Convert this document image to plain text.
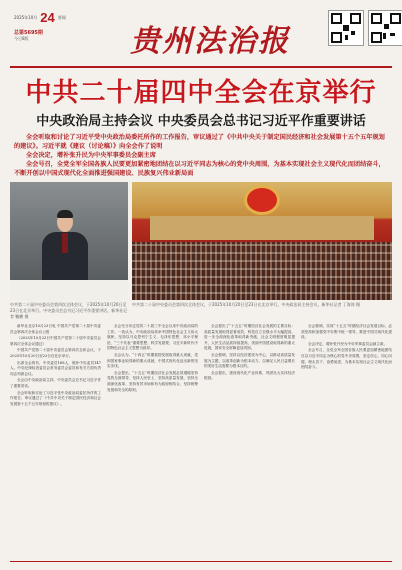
2025年10月 24 要闻
总第5695期
今日8版	贵州法治报
中共二十届四中全会在京举行
中央政治局主持会议 中央委员会总书记习近平作重要讲话

全会听取和讨论了习近平受中央政治局委托所作的工作报告，审议通过了《中共中央关于制定国民经济和社会发展第十五个五年规划的建议》。习近平就《建议（讨论稿）》向全会作了说明

全会决定，增补张升民为中央军事委员会副主席

全会号召，全党全军全国各族人民要更加紧密地团结在以习近平同志为核心的党中央周围，为基本实现社会主义现代化而团结奋斗，不断开创以中国式现代化全面推进强国建设、民族复兴伟业新局面

中共第二十届中央委员会第四次全体会议，于2025年10月20日至23日在北京举行。中央委员会总书记习近平作重要讲话。新华社记者 鞠鹏 摄
中共第二十届中央委员会第四次全体会议，于2025年10月20日至23日在北京举行。中央政治局主持会议。新华社记者 丁海涛 摄

新华社北京10月23日电 中国共产党第二十届中央委员会第四次全体会议公报

（2025年10月23日中国共产党第二十届中央委员会第四次全体会议通过）

中国共产党第二十届中央委员会第四次全体会议，于2025年10月20日至23日在北京举行。

出席全会的有，中央委员168人，候补中央委员147人。中央纪律检查委员会常务委员会委员和有关方面负责同志列席会议。

全会由中央政治局主持。中央委员会总书记习近平作了重要讲话。

全会听取和讨论了习近平受中央政治局委托所作的工作报告，审议通过了《中共中央关于制定国民经济和社会发展第十五个五年规划的建议》。

全会充分肯定党的二十届三中全会以来中央政治局的工作。一致认为，中央政治局高举中国特色社会主义伟大旗帜，坚持以马克思列宁主义、毛泽东思想、邓小平理论、“三个代表”重要思想、科学发展观、习近平新时代中国特色社会主义思想为指导。

全会认为，“十四五”时期我国发展取得重大成就，党和国家事业取得新的重大成就，中国式现代化迈出新的坚实步伐。

全会提出，“十五五”时期经济社会发展必须遵循坚持党的全面领导、坚持人民至上、坚持高质量发展、坚持全面深化改革、坚持有效市场和有为政府相结合、坚持统筹发展和安全的原则。

全会提出了“十五五”时期经济社会发展的主要目标：高质量发展取得显著成效，科技自立自强水平大幅提高，进一步全面深化改革取得新突破，社会文明程度明显提升，人民生活品质持续提高，美丽中国建设取得新的重大进展，国家安全屏障更加巩固。

全会强调，坚持以经济建设为中心，以推动高质量发展为主题，以改革创新为根本动力，以满足人民日益增长的美好生活需要为根本目的。

全会提出，建设现代化产业体系，巩固壮大实体经济根基。

全会强调，实现“十五五”时期经济社会发展目标，必须坚持和加强党中央集中统一领导，推进中国式现代化建设。

全会决定，增补张升民为中央军事委员会副主席。

全会号召，全党全军全国各族人民要更加紧密地团结在以习近平同志为核心的党中央周围，坚定信心、同心同德，埋头苦干、奋勇前进，为基本实现社会主义现代化而团结奋斗。
